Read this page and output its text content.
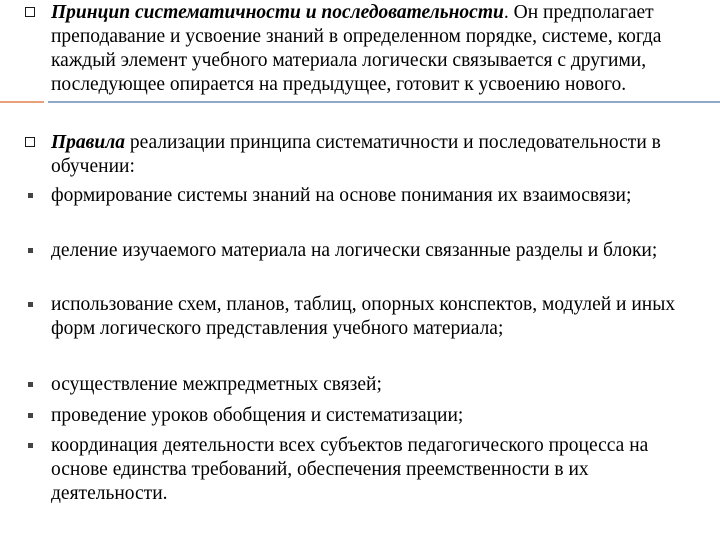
Принцип систематичности и последовательности. Он предполагает преподавание и усвоение знаний в определенном порядке, системе, когда каждый элемент учебного материала логически связывается с другими, последующее опирается на предыдущее, готовит к усвоению нового.
Правила реализации принципа систематичности и последовательности в обучении:
формирование системы знаний на основе понимания их взаимосвязи;
деление изучаемого материала на логически связанные разделы и блоки;
использование схем, планов, таблиц, опорных конспектов, модулей и иных форм логического представления учебного материала;
осуществление межпредметных связей;
проведение уроков обобщения и систематизации;
координация деятельности всех субъектов педагогического процесса на основе единства требований, обеспечения преемственности в их деятельности.
